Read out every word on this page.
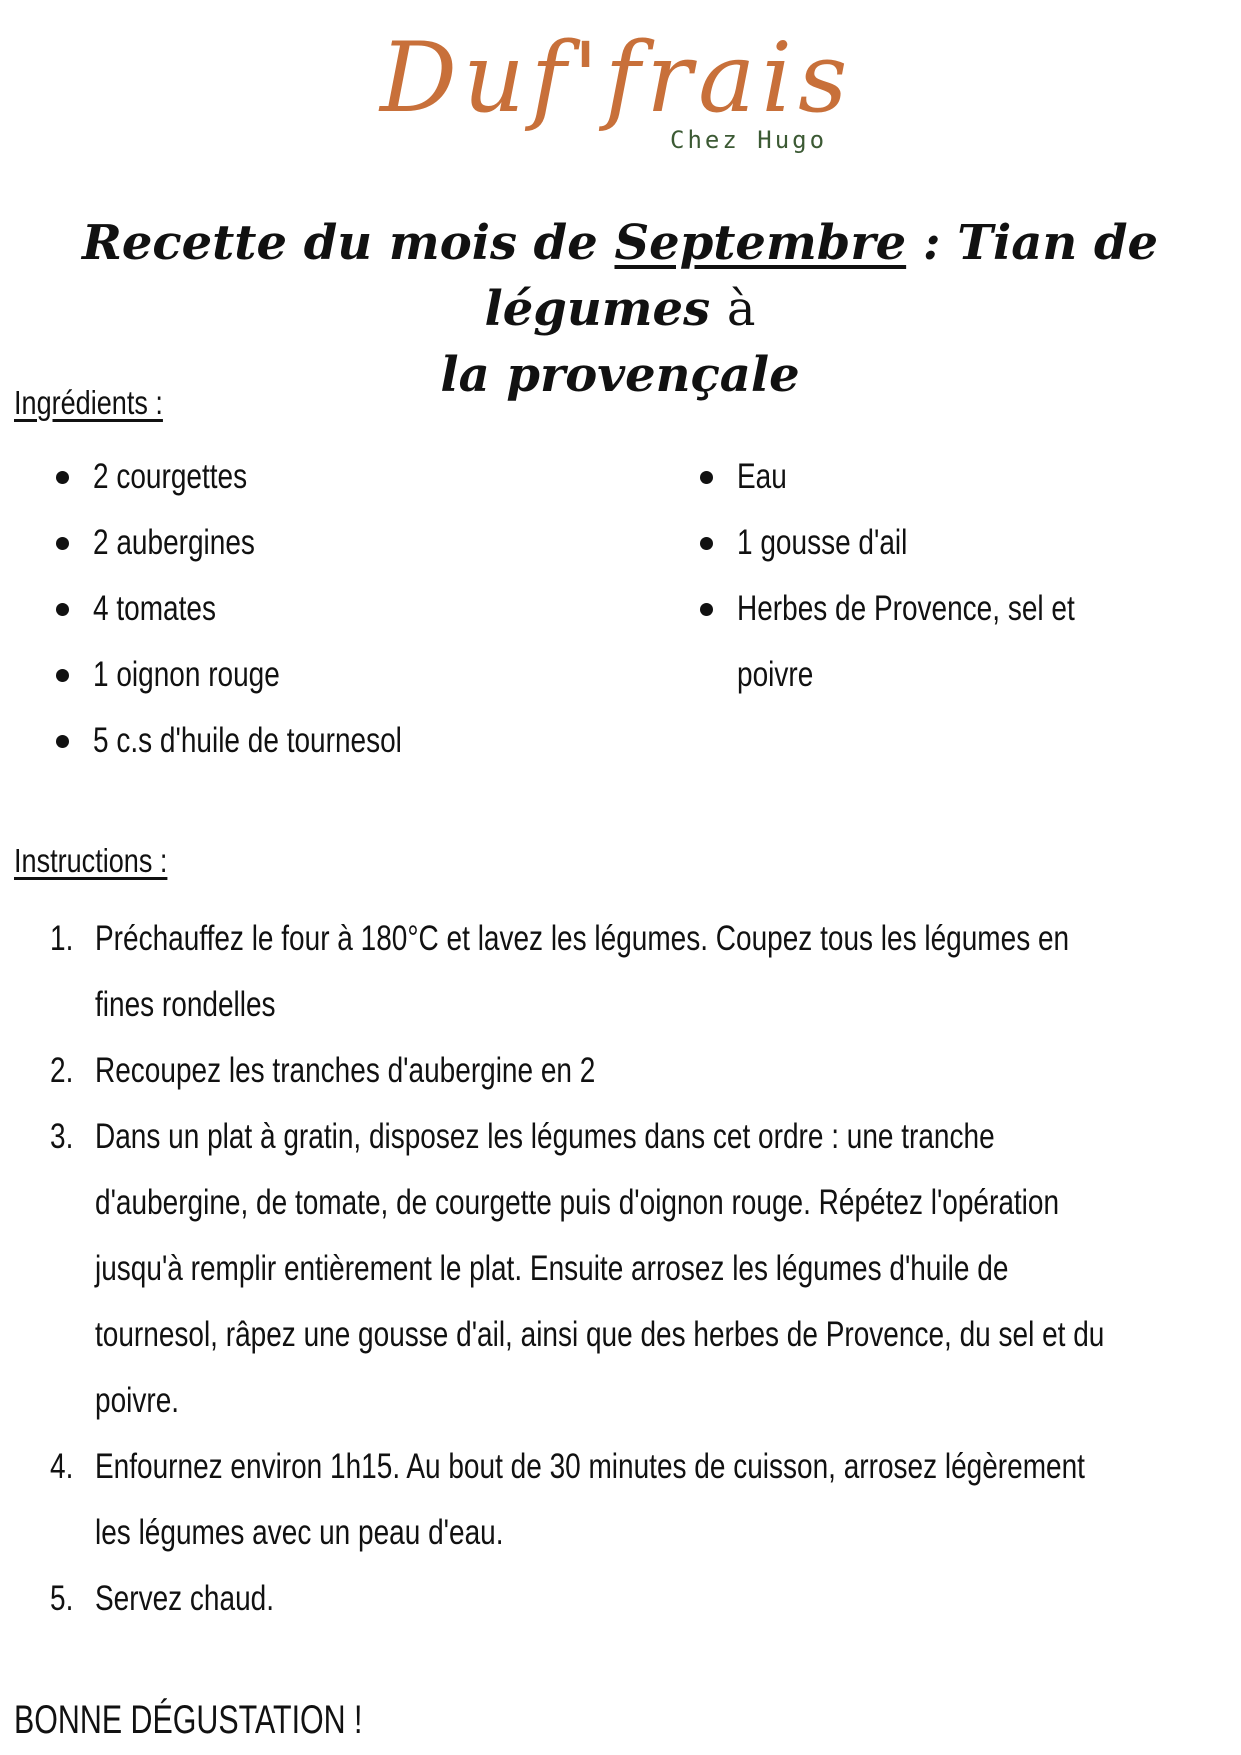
Duf'frais
Chez Hugo
Recette du mois de Septembre : Tian de légumes à
la provençale
Ingrédients :
2 courgettes
2 aubergines
4 tomates
1 oignon rouge
5 c.s d'huile de tournesol
Eau
1 gousse d'ail
Herbes de Provence, sel et
poivre
Instructions :
1. Préchauffez le four à 180°C et lavez les légumes. Coupez tous les légumes en
fines rondelles
2. Recoupez les tranches d'aubergine en 2
3. Dans un plat à gratin, disposez les légumes dans cet ordre : une tranche
d'aubergine, de tomate, de courgette puis d'oignon rouge. Répétez l'opération
jusqu'à remplir entièrement le plat. Ensuite arrosez les légumes d'huile de
tournesol, râpez une gousse d'ail, ainsi que des herbes de Provence, du sel et du
poivre.
4. Enfournez environ 1h15. Au bout de 30 minutes de cuisson, arrosez légèrement
les légumes avec un peau d'eau.
5. Servez chaud.
BONNE DÉGUSTATION !
